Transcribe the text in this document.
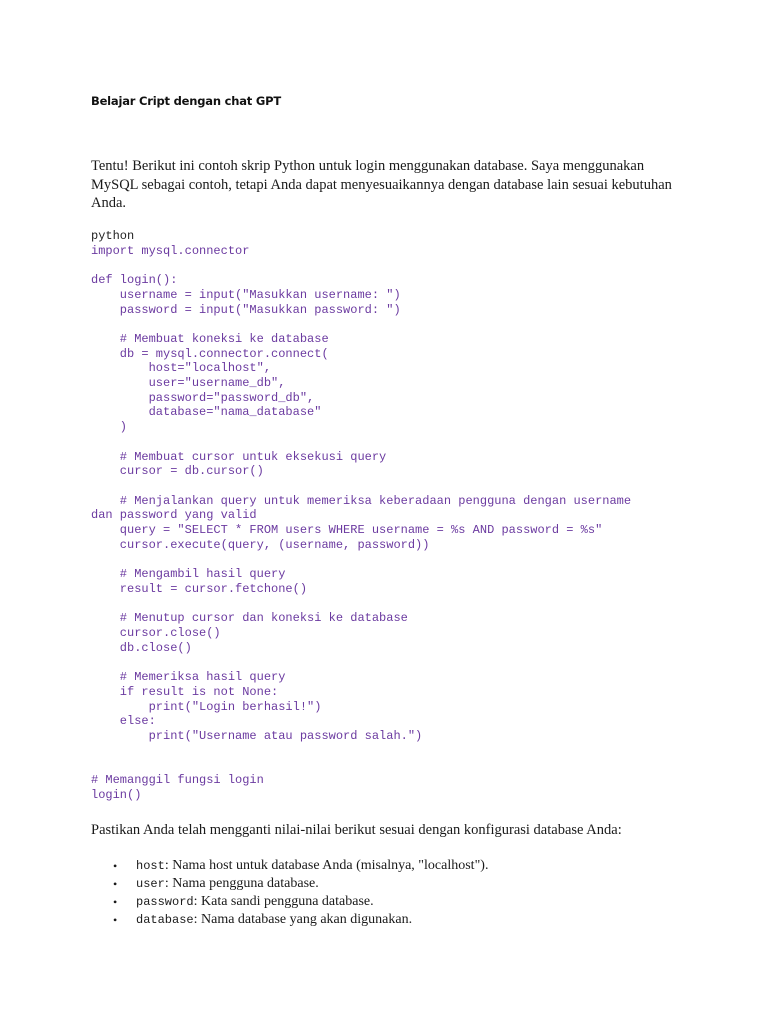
Belajar Cript dengan chat GPT

Tentu! Berikut ini contoh skrip Python untuk login menggunakan database. Saya menggunakan MySQL sebagai contoh, tetapi Anda dapat menyesuaikannya dengan database lain sesuai kebutuhan Anda.

python
import mysql.connector

def login():
username = input("Masukkan username: ")
password = input("Masukkan password: ")

# Membuat koneksi ke database
db = mysql.connector.connect(
host="localhost",
user="username_db",
password="password_db",
database="nama_database"
)

# Membuat cursor untuk eksekusi query
cursor = db.cursor()

# Menjalankan query untuk memeriksa keberadaan pengguna dengan username
dan password yang valid
query = "SELECT * FROM users WHERE username = %s AND password = %s"
cursor.execute(query, (username, password))

# Mengambil hasil query
result = cursor.fetchone()

# Menutup cursor dan koneksi ke database
cursor.close()
db.close()

# Memeriksa hasil query
if result is not None:
print("Login berhasil!")
else:
print("Username atau password salah.")

# Memanggil fungsi login
login()

Pastikan Anda telah mengganti nilai-nilai berikut sesuai dengan konfigurasi database Anda:

• host: Nama host untuk database Anda (misalnya, "localhost").
• user: Nama pengguna database.
• password: Kata sandi pengguna database.
• database: Nama database yang akan digunakan.
